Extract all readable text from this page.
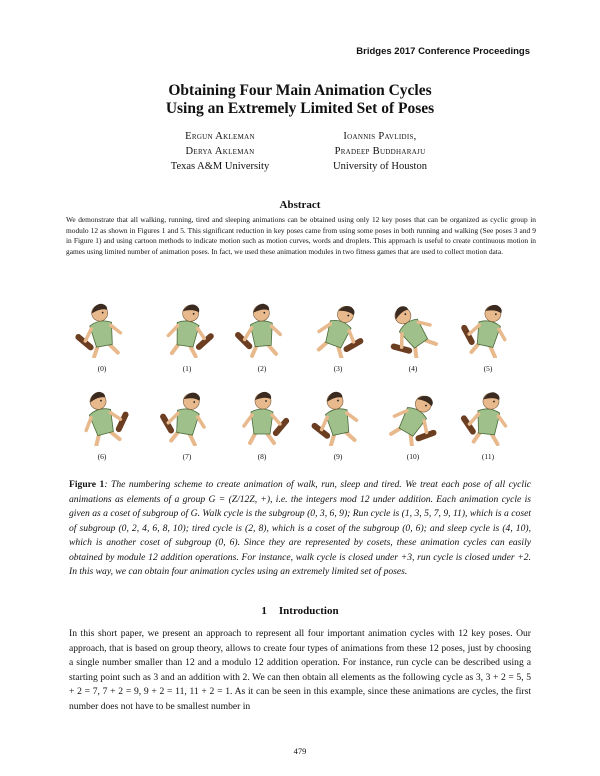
Bridges 2017 Conference Proceedings
Obtaining Four Main Animation Cycles
Using an Extremely Limited Set of Poses
Ergun Akleman
Derya Akleman
Texas A&M University
Ioannis Pavlidis,
Pradeep Buddharaju
University of Houston
Abstract
We demonstrate that all walking, running, tired and sleeping animations can be obtained using only 12 key poses that can be organized as cyclic group in modulo 12 as shown in Figures 1 and 5. This significant reduction in key poses came from using some poses in both running and walking (See poses 3 and 9 in Figure 1) and using cartoon methods to indicate motion such as motion curves, words and droplets. This approach is useful to create continuous motion in games using limited number of animation poses. In fact, we used these animation modules in two fitness games that are used to collect motion data.
(0)	(1)	(2)	(3)	(4)	(5)
(6)	(7)	(8)	(9)	(10)	(11)
Figure 1: The numbering scheme to create animation of walk, run, sleep and tired. We treat each pose of all cyclic animations as elements of a group G = (Z/12Z, +), i.e. the integers mod 12 under addition. Each animation cycle is given as a coset of subgroup of G. Walk cycle is the subgroup (0, 3, 6, 9); Run cycle is (1, 3, 5, 7, 9, 11), which is a coset of subgroup (0, 2, 4, 6, 8, 10); tired cycle is (2, 8), which is a coset of the subgroup (0, 6); and sleep cycle is (4, 10), which is another coset of subgroup (0, 6). Since they are represented by cosets, these animation cycles can easily obtained by module 12 addition operations. For instance, walk cycle is closed under +3, run cycle is closed under +2. In this way, we can obtain four animation cycles using an extremely limited set of poses.
1 Introduction
In this short paper, we present an approach to represent all four important animation cycles with 12 key poses. Our approach, that is based on group theory, allows to create four types of animations from these 12 poses, just by choosing a single number smaller than 12 and a modulo 12 addition operation. For instance, run cycle can be described using a starting point such as 3 and an addition with 2. We can then obtain all elements as the following cycle as 3, 3 + 2 = 5, 5 + 2 = 7, 7 + 2 = 9, 9 + 2 = 11, 11 + 2 = 1. As it can be seen in this example, since these animations are cycles, the first number does not have to be smallest number in
479
